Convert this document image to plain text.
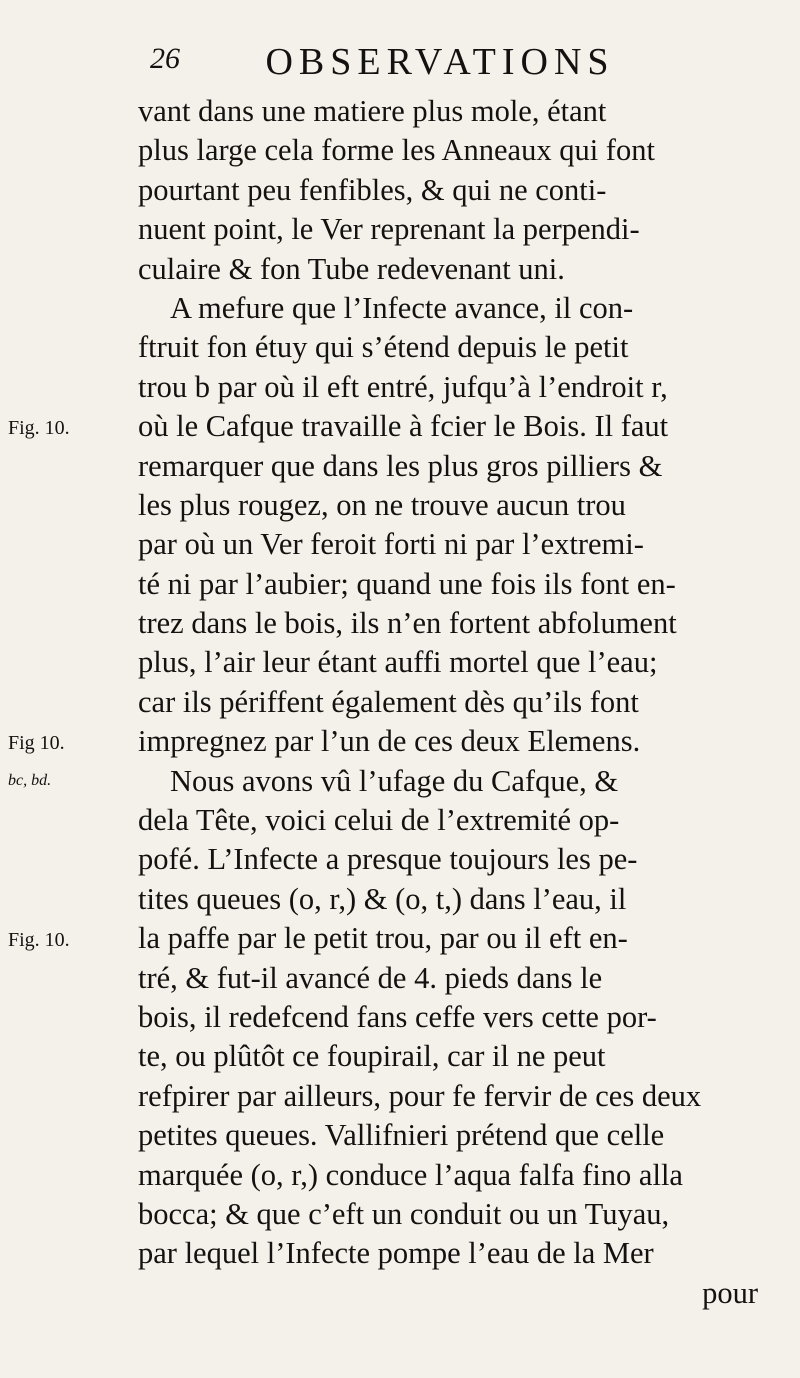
26 OBSERVATIONS
Fig. 10.
Fig 10.
bc, bd.
Fig. 10.
vant dans une matiere plus mole, étant
plus large cela forme les Anneaux qui font
pourtant peu fenfibles, & qui ne conti-
nuent point, le Ver reprenant la perpendi-
culaire & fon Tube redevenant uni.
A mefure que l’Infecte avance, il con-
ftruit fon étuy qui s’étend depuis le petit
trou b par où il eft entré, jufqu’à l’endroit r,
où le Cafque travaille à fcier le Bois. Il faut
remarquer que dans les plus gros pilliers &
les plus rougez, on ne trouve aucun trou
par où un Ver feroit forti ni par l’extremi-
té ni par l’aubier; quand une fois ils font en-
trez dans le bois, ils n’en fortent abfolument
plus, l’air leur étant auffi mortel que l’eau;
car ils périffent également dès qu’ils font
impregnez par l’un de ces deux Elemens.
Nous avons vû l’ufage du Cafque, &
dela Tête, voici celui de l’extremité op-
pofé. L’Infecte a presque toujours les pe-
tites queues (o, r,) & (o, t,) dans l’eau, il
la paffe par le petit trou, par ou il eft en-
tré, & fut-il avancé de 4. pieds dans le
bois, il redefcend fans ceffe vers cette por-
te, ou plûtôt ce foupirail, car il ne peut
refpirer par ailleurs, pour fe fervir de ces deux
petites queues. Vallifnieri prétend que celle
marquée (o, r,) conduce l’aqua falfa fino alla
bocca; & que c’eft un conduit ou un Tuyau,
par lequel l’Infecte pompe l’eau de la Mer
pour
